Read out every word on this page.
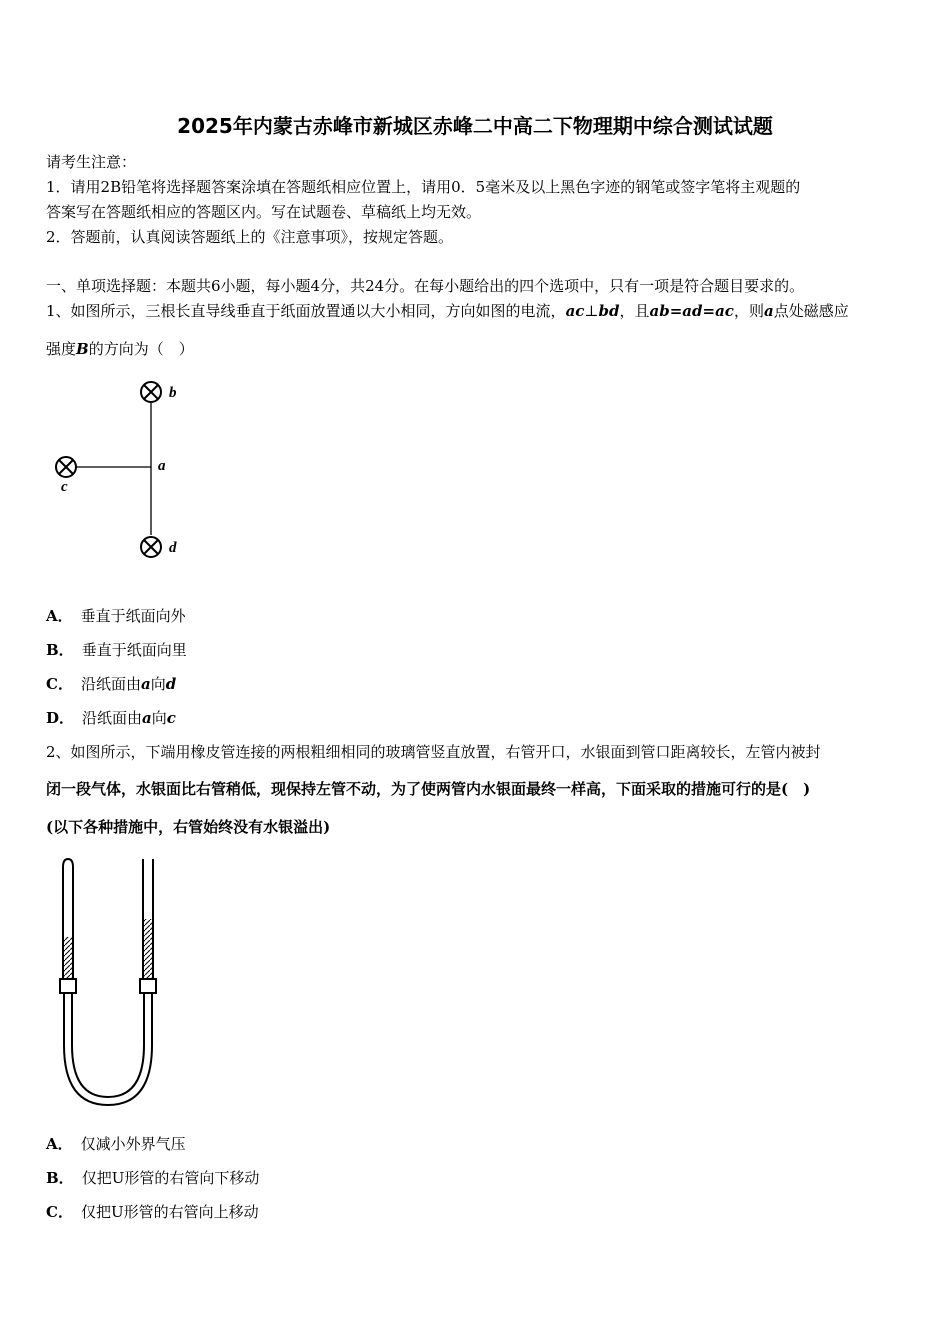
2025年内蒙古赤峰市新城区赤峰二中高二下物理期中综合测试试题
请考生注意：
1．请用2B铅笔将选择题答案涂填在答题纸相应位置上，请用0．5毫米及以上黑色字迹的钢笔或签字笔将主观题的
答案写在答题纸相应的答题区内。写在试题卷、草稿纸上均无效。
2．答题前，认真阅读答题纸上的《注意事项》，按规定答题。
一、单项选择题：本题共6小题，每小题4分，共24分。在每小题给出的四个选项中，只有一项是符合题目要求的。
1、如图所示，三根长直导线垂直于纸面放置通以大小相同，方向如图的电流，ac⊥bd，且ab=ad=ac，则a点处磁感应
强度B的方向为（　）
b
a
c
d
A． 垂直于纸面向外
B． 垂直于纸面向里
C． 沿纸面由a向d
D． 沿纸面由a向c
2、如图所示，下端用橡皮管连接的两根粗细相同的玻璃管竖直放置，右管开口，水银面到管口距离较长，左管内被封
闭一段气体，水银面比右管稍低，现保持左管不动，为了使两管内水银面最终一样高，下面采取的措施可行的是(　)
(以下各种措施中，右管始终没有水银溢出)
A． 仅减小外界气压
B． 仅把U形管的右管向下移动
C． 仅把U形管的右管向上移动
